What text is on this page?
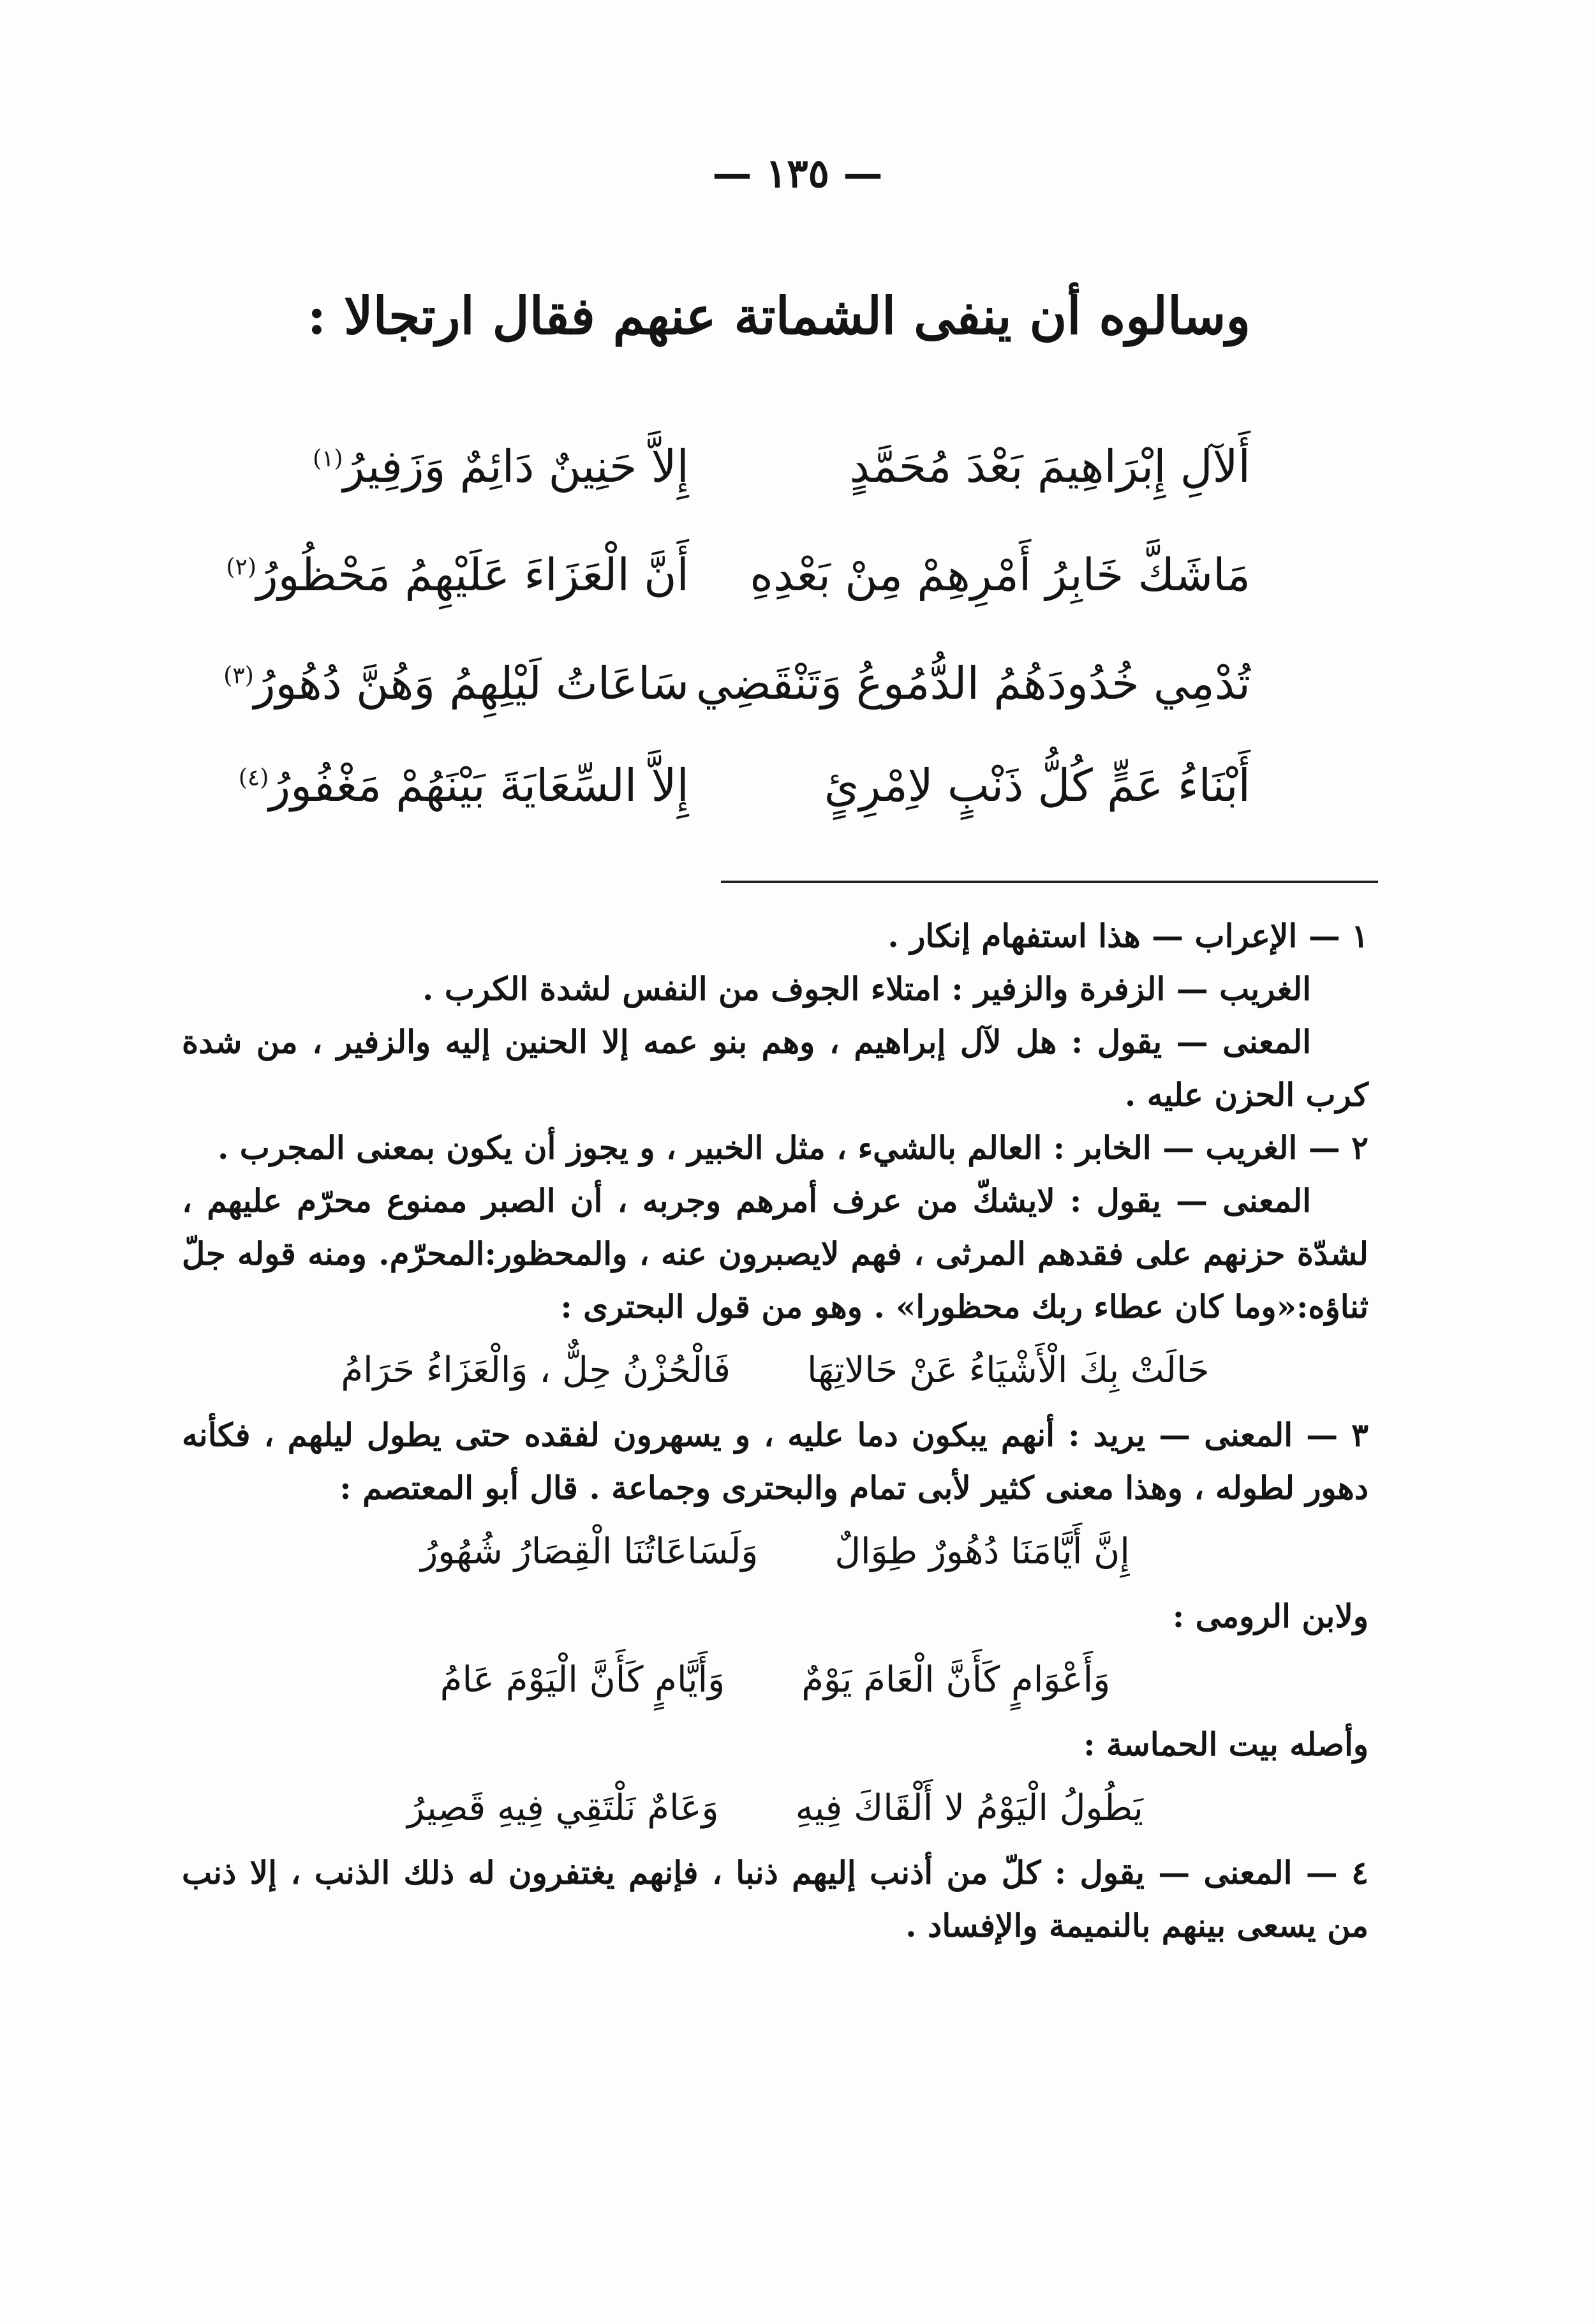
— ١٣٥ —
وسالوه أن ينفى الشماتة عنهم فقال ارتجالا :
أَلآلِ إِبْرَاهِيمَ بَعْدَ مُحَمَّدٍ
إِلاَّ حَنِينٌ دَائِمٌ وَزَفِيرُ$^{(١)}$
مَاشَكَّ خَابِرُ أَمْرِهِمْ مِنْ بَعْدِهِ
أَنَّ الْعَزَاءَ عَلَيْهِمُ مَحْظُورُ$^{(٢)}$
تُدْمِي خُدُودَهُمُ الدُّمُوعُ وَتَنْقَضِي
سَاعَاتُ لَيْلِهِمُ وَهُنَّ دُهُورُ$^{(٣)}$
أَبْنَاءُ عَمٍّ كُلُّ ذَنْبٍ لاِمْرِئٍ
إِلاَّ السِّعَايَةَ بَيْنَهُمْ مَغْفُورُ$^{(٤)}$
١ — الإعراب — هذا استفهام إنكار .
الغريب — الزفرة والزفير : امتلاء الجوف من النفس لشدة الكرب .
المعنى — يقول : هل لآل إبراهيم ، وهم بنو عمه إلا الحنين إليه والزفير ، من شدة كرب الحزن عليه .
٢ — الغريب — الخابر : العالم بالشيء ، مثل الخبير ، و يجوز أن يكون بمعنى المجرب .
المعنى — يقول : لايشكّ من عرف أمرهم وجربه ، أن الصبر ممنوع محرّم عليهم ، لشدّة حزنهم على فقدهم المرثى ، فهم لايصبرون عنه ، والمحظور:المحرّم. ومنه قوله جلّ ثناؤه:«وما كان عطاء ربك محظورا» . وهو من قول البحترى :
حَالَتْ بِكَ الْأَشْيَاءُ عَنْ حَالاتِهَافَالْحُزْنُ حِلٌّ ، وَالْعَزَاءُ حَرَامُ
٣ — المعنى — يريد : أنهم يبكون دما عليه ، و يسهرون لفقده حتى يطول ليلهم ، فكأنه دهور لطوله ، وهذا معنى كثير لأبى تمام والبحترى وجماعة . قال أبو المعتصم :
إِنَّ أَيَّامَنَا دُهُورٌ طِوَالٌوَلَسَاعَاتُنَا الْقِصَارُ شُهُورُ
ولابن الرومى :
وَأَعْوَامٍ كَأَنَّ الْعَامَ يَوْمٌوَأَيَّامٍ كَأَنَّ الْيَوْمَ عَامُ
وأصله بيت الحماسة :
يَطُولُ الْيَوْمُ لا أَلْقَاكَ فِيهِوَعَامٌ نَلْتَقِي فِيهِ قَصِيرُ
٤ — المعنى — يقول : كلّ من أذنب إليهم ذنبا ، فإنهم يغتفرون له ذلك الذنب ، إلا ذنب من يسعى بينهم بالنميمة والإفساد .
